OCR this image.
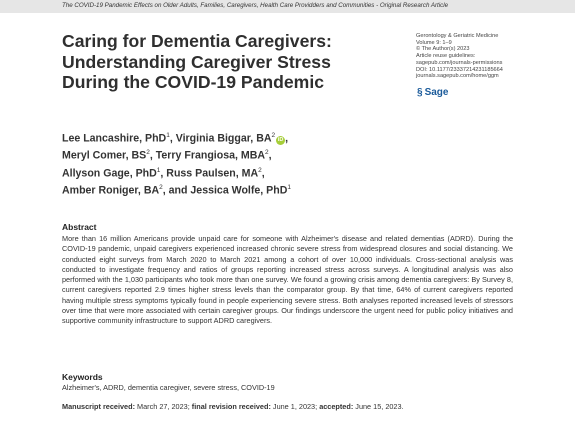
The COVID-19 Pandemic Effects on Older Adults, Families, Caregivers, Health Care Providders and Communities - Original Research Article
Caring for Dementia Caregivers: Understanding Caregiver Stress During the COVID-19 Pandemic
Gerontology & Geriatric Medicine
Volume 9: 1–9
© The Author(s) 2023
Article reuse guidelines:
sagepub.com/journals-permissions
DOI: 10.1177/23337214231185664
journals.sagepub.com/home/ggm
§ Sage
Lee Lancashire, PhD$^1$, Virginia Biggar, $BA^2iD$ ,
Meryl Comer, $BS^2$, Terry Frangiosa, MBA$^2$,
Allyson Gage, PhD$^1$, Russ Paulsen, $MA^2$,
Amber Roniger, $BA^2$, and Jessica Wolfe, PhD$^1$
Abstract

More than 16 million Americans provide unpaid care for someone with Alzheimer's disease and related dementias (ADRD). During the COVID-19 pandemic, unpaid caregivers experienced increased chronic severe stress from widespread closures and social distancing. We conducted eight surveys from March 2020 to March 2021 among a cohort of over 10,000 individuals. Cross-sectional analysis was conducted to investigate frequency and ratios of groups reporting increased stress across surveys. A longitudinal analysis was also performed with the 1,030 participants who took more than one survey. We found a growing crisis among dementia caregivers: By Survey 8, current caregivers reported 2.9 times higher stress levels than the comparator group. By that time, 64% of current caregivers reported having multiple stress symptoms typically found in people experiencing severe stress. Both analyses reported increased levels of stressors over time that were more associated with certain caregiver groups. Our findings underscore the urgent need for public policy initiatives and supportive community infrastructure to support ADRD caregivers.

Keywords
Alzheimer's, ADRD, dementia caregiver, severe stress, COVID-19
Manuscript received: March 27, 2023; final revision received: June 1, 2023; accepted: June 15, 2023.
